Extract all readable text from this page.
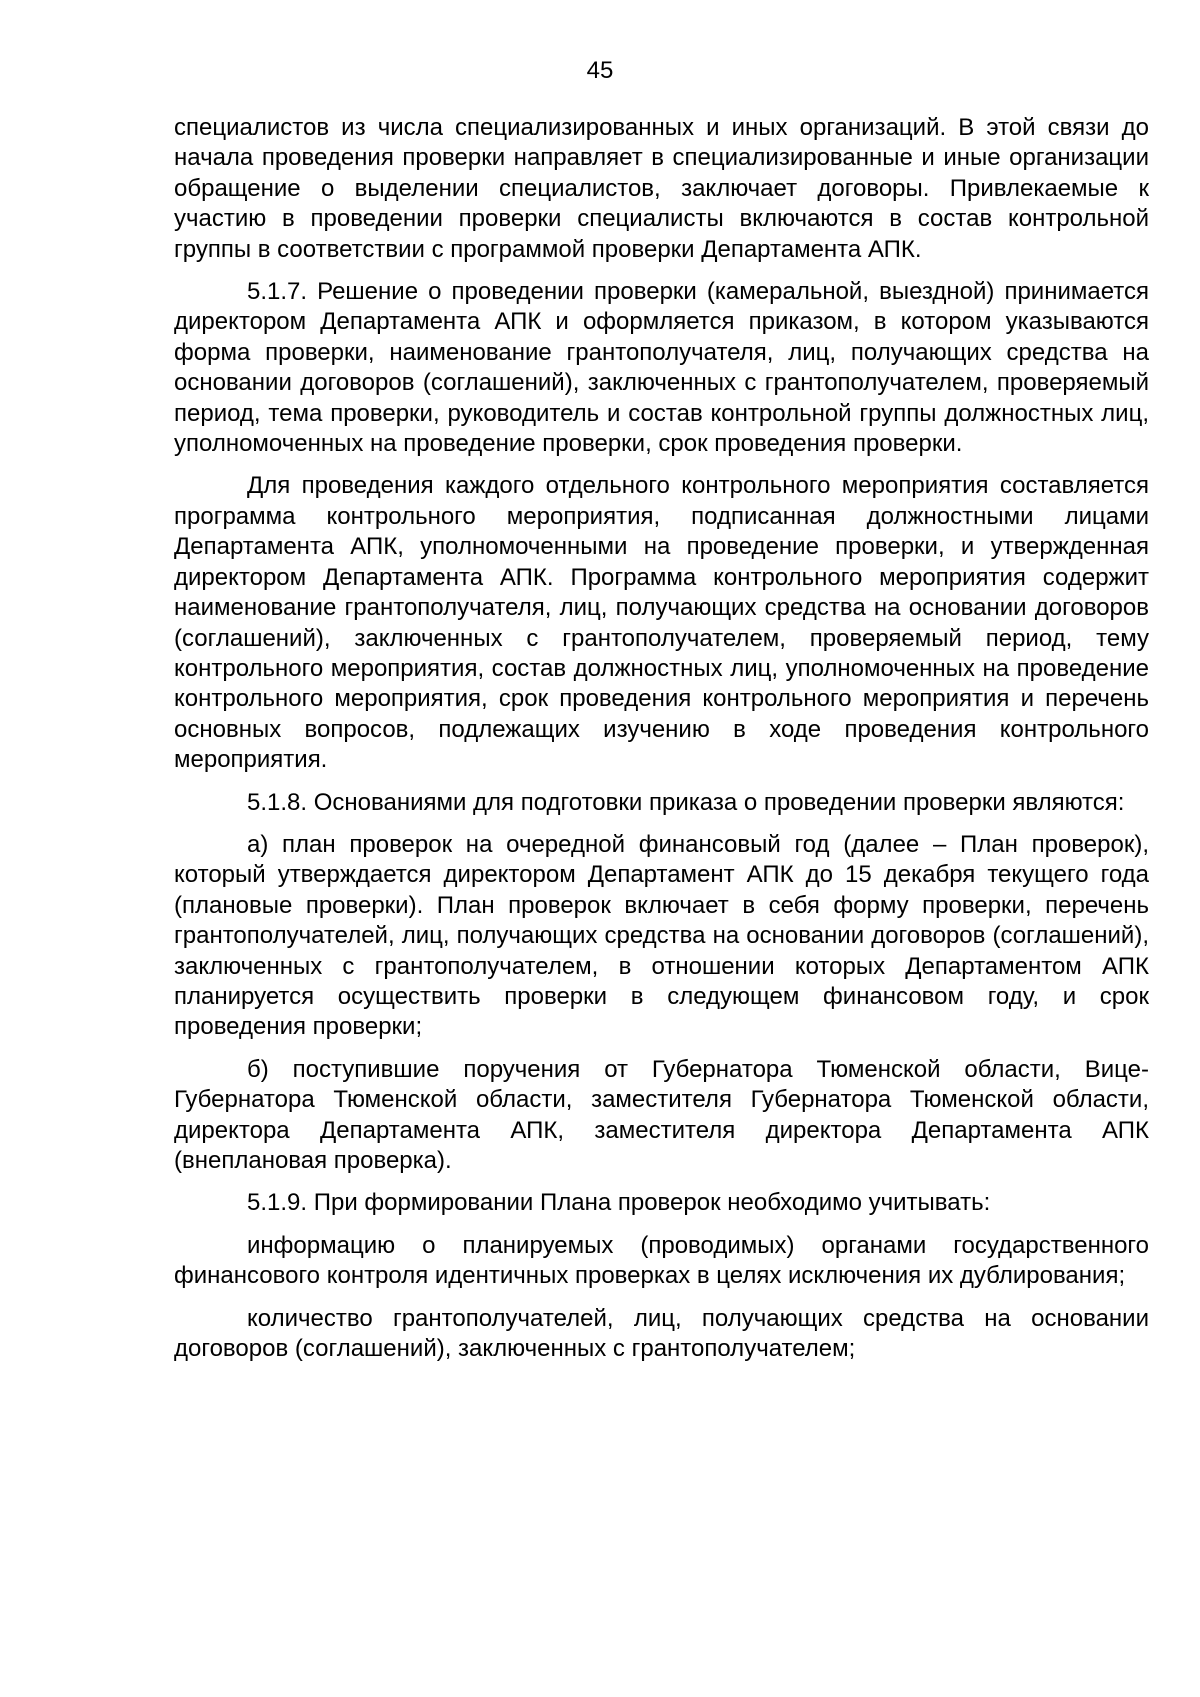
45

специалистов из числа специализированных и иных организаций. В этой связи до начала проведения проверки направляет в специализированные и иные организации обращение о выделении специалистов, заключает договоры. Привлекаемые к участию в проведении проверки специалисты включаются в состав контрольной группы в соответствии с программой проверки Департамента АПК.

5.1.7. Решение о проведении проверки (камеральной, выездной) принимается директором Департамента АПК и оформляется приказом, в котором указываются форма проверки, наименование грантополучателя, лиц, получающих средства на основании договоров (соглашений), заключенных с грантополучателем, проверяемый период, тема проверки, руководитель и состав контрольной группы должностных лиц, уполномоченных на проведение проверки, срок проведения проверки.

Для проведения каждого отдельного контрольного мероприятия составляется программа контрольного мероприятия, подписанная должностными лицами Департамента АПК, уполномоченными на проведение проверки, и утвержденная директором Департамента АПК. Программа контрольного мероприятия содержит наименование грантополучателя, лиц, получающих средства на основании договоров (соглашений), заключенных с грантополучателем, проверяемый период, тему контрольного мероприятия, состав должностных лиц, уполномоченных на проведение контрольного мероприятия, срок проведения контрольного мероприятия и перечень основных вопросов, подлежащих изучению в ходе проведения контрольного мероприятия.

5.1.8. Основаниями для подготовки приказа о проведении проверки являются:

а) план проверок на очередной финансовый год (далее – План проверок), который утверждается директором Департамент АПК до 15 декабря текущего года (плановые проверки). План проверок включает в себя форму проверки, перечень грантополучателей, лиц, получающих средства на основании договоров (соглашений), заключенных с грантополучателем, в отношении которых Департаментом АПК планируется осуществить проверки в следующем финансовом году, и срок проведения проверки;

б) поступившие поручения от Губернатора Тюменской области, Вице-Губернатора Тюменской области, заместителя Губернатора Тюменской области, директора Департамента АПК, заместителя директора Департамента АПК (внеплановая проверка).

5.1.9. При формировании Плана проверок необходимо учитывать:

информацию о планируемых (проводимых) органами государственного финансового контроля идентичных проверках в целях исключения их дублирования;

количество грантополучателей, лиц, получающих средства на основании договоров (соглашений), заключенных с грантополучателем;
